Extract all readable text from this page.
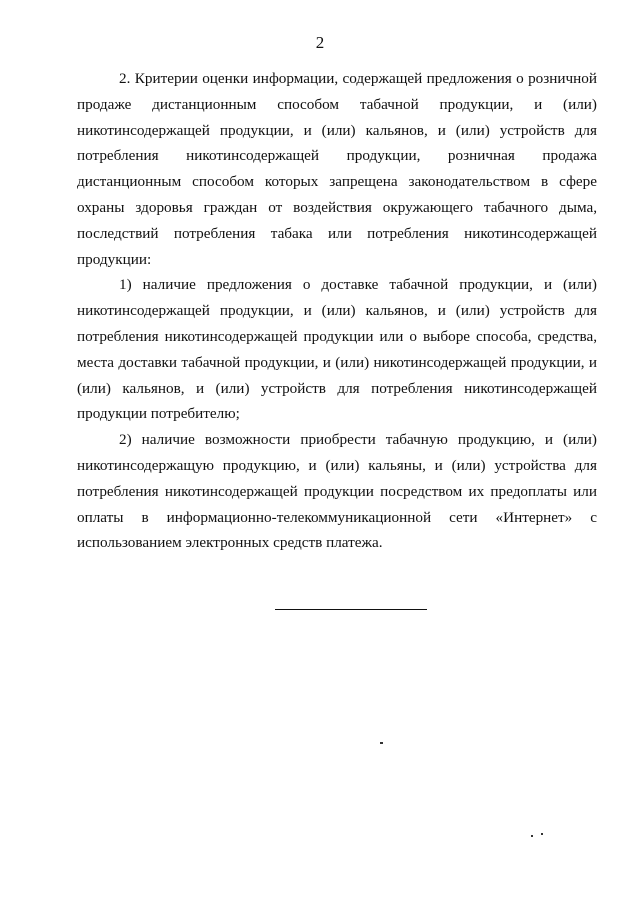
2

2. Критерии оценки информации, содержащей предложения о розничной продаже дистанционным способом табачной продукции, и (или) никотинсодержащей продукции, и (или) кальянов, и (или) устройств для потребления никотинсодержащей продукции, розничная продажа дистанционным способом которых запрещена законодательством в сфере охраны здоровья граждан от воздействия окружающего табачного дыма, последствий потребления табака или потребления никотинсодержащей продукции:

1) наличие предложения о доставке табачной продукции, и (или) никотинсодержащей продукции, и (или) кальянов, и (или) устройств для потребления никотинсодержащей продукции или о выборе способа, средства, места доставки табачной продукции, и (или) никотинсодержащей продукции, и (или) кальянов, и (или) устройств для потребления никотинсодержащей продукции потребителю;

2) наличие возможности приобрести табачную продукцию, и (или) никотинсодержащую продукцию, и (или) кальяны, и (или) устройства для потребления никотинсодержащей продукции посредством их предоплаты или оплаты в информационно-телекоммуникационной сети «Интернет» с использованием электронных средств платежа.
